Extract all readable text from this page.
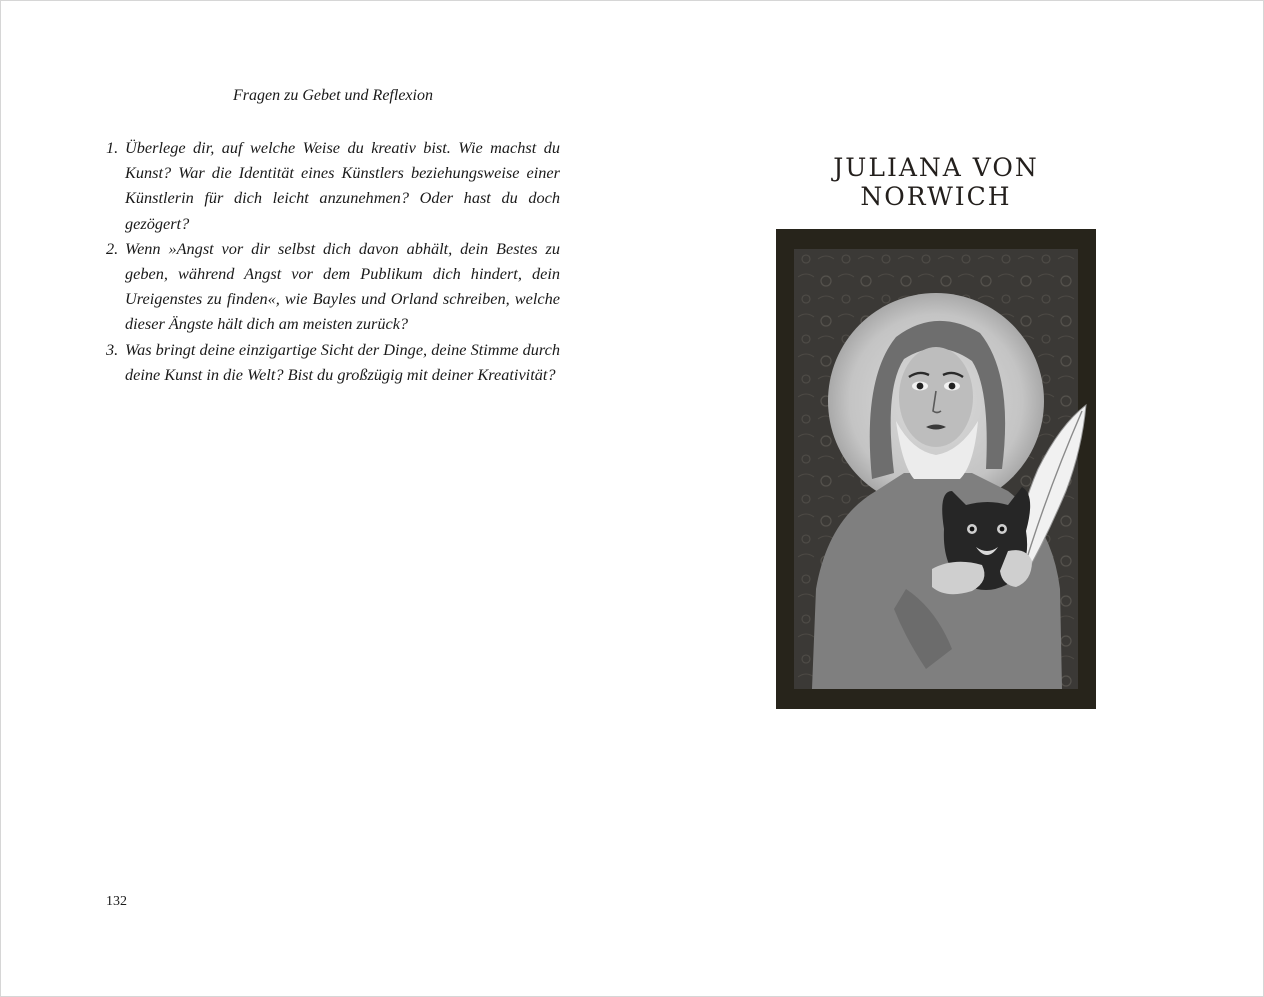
Fragen zu Gebet und Reflexion
1. Überlege dir, auf welche Weise du kreativ bist. Wie machst du Kunst? War die Identität eines Künstlers beziehungsweise einer Künstlerin für dich leicht anzunehmen? Oder hast du doch gezögert?
2. Wenn »Angst vor dir selbst dich davon abhält, dein Bestes zu geben, während Angst vor dem Publikum dich hindert, dein Ureigenstes zu finden«, wie Bayles und Orland schreiben, welche dieser Ängste hält dich am meisten zurück?
3. Was bringt deine einzigartige Sicht der Dinge, deine Stimme durch deine Kunst in die Welt? Bist du großzügig mit deiner Kreativität?
132
JULIANA VON NORWICH
